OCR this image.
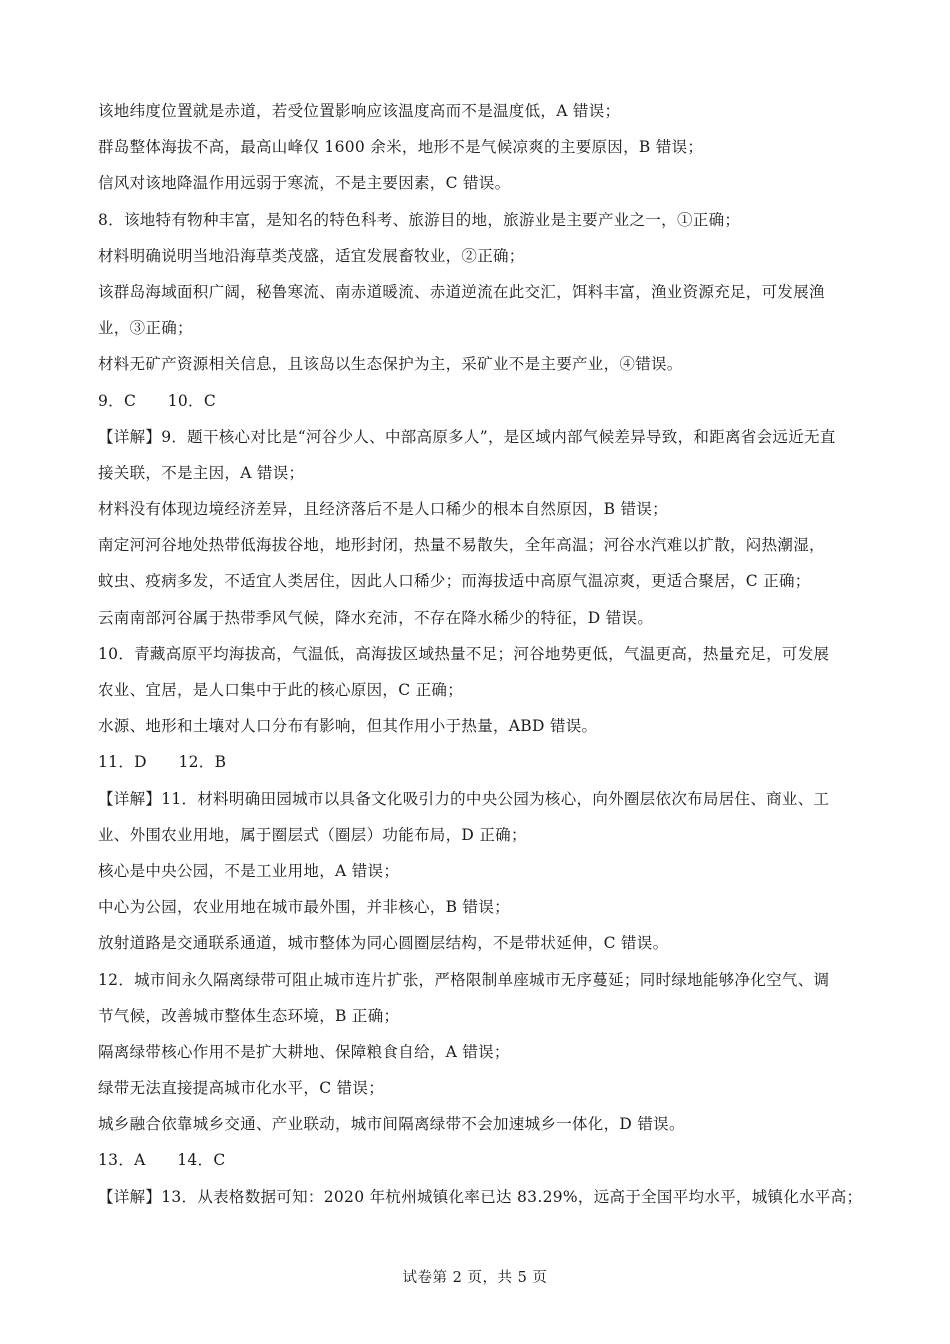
该地纬度位置就是赤道，若受位置影响应该温度高而不是温度低，A 错误；
群岛整体海拔不高，最高山峰仅 1600 余米，地形不是气候凉爽的主要原因，B 错误；
信风对该地降温作用远弱于寒流，不是主要因素，C 错误。
8．该地特有物种丰富，是知名的特色科考、旅游目的地，旅游业是主要产业之一，①正确；
材料明确说明当地沿海草类茂盛，适宜发展畜牧业，②正确；
该群岛海域面积广阔，秘鲁寒流、南赤道暖流、赤道逆流在此交汇，饵料丰富，渔业资源充足，可发展渔
业，③正确；
材料无矿产资源相关信息，且该岛以生态保护为主，采矿业不是主要产业，④错误。
9．C　　10．C
【详解】9．题干核心对比是“河谷少人、中部高原多人”，是区域内部气候差异导致，和距离省会远近无直
接关联，不是主因，A 错误；
材料没有体现边境经济差异，且经济落后不是人口稀少的根本自然原因，B 错误；
南定河河谷地处热带低海拔谷地，地形封闭，热量不易散失，全年高温；河谷水汽难以扩散，闷热潮湿，
蚊虫、疫病多发，不适宜人类居住，因此人口稀少；而海拔适中高原气温凉爽，更适合聚居，C 正确；
云南南部河谷属于热带季风气候，降水充沛，不存在降水稀少的特征，D 错误。
10．青藏高原平均海拔高，气温低，高海拔区域热量不足；河谷地势更低，气温更高，热量充足，可发展
农业、宜居，是人口集中于此的核心原因，C 正确；
水源、地形和土壤对人口分布有影响，但其作用小于热量，ABD 错误。
11．D　　12．B
【详解】11．材料明确田园城市以具备文化吸引力的中央公园为核心，向外圈层依次布局居住、商业、工
业、外围农业用地，属于圈层式（圈层）功能布局，D 正确；
核心是中央公园，不是工业用地，A 错误；
中心为公园，农业用地在城市最外围，并非核心，B 错误；
放射道路是交通联系通道，城市整体为同心圆圈层结构，不是带状延伸，C 错误。
12．城市间永久隔离绿带可阻止城市连片扩张，严格限制单座城市无序蔓延；同时绿地能够净化空气、调
节气候，改善城市整体生态环境，B 正确；
隔离绿带核心作用不是扩大耕地、保障粮食自给，A 错误；
绿带无法直接提高城市化水平，C 错误；
城乡融合依靠城乡交通、产业联动，城市间隔离绿带不会加速城乡一体化，D 错误。
13．A　　14．C
【详解】13．从表格数据可知：2020 年杭州城镇化率已达 83.29%，远高于全国平均水平，城镇化水平高；
试卷第 2 页，共 5 页
